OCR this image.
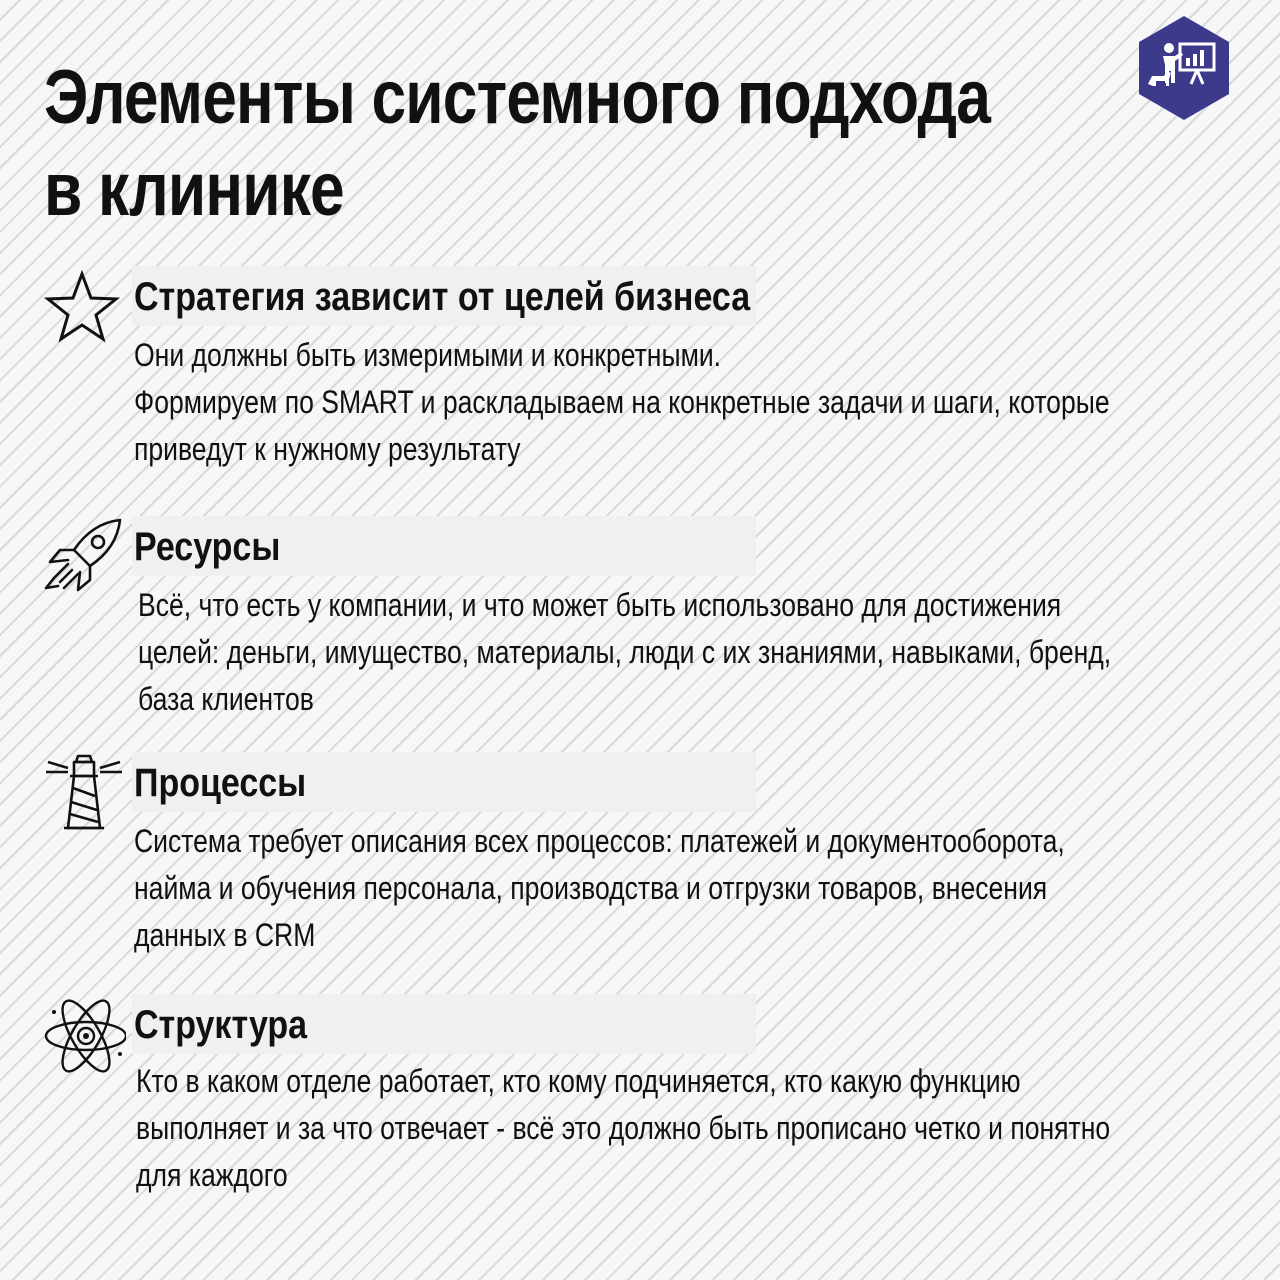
Элементы системного подхода
в клинике
Стратегия зависит от целей бизнеса

Они должны быть измеримыми и конкретными.
Формируем по SMART и раскладываем на конкретные задачи и шаги, которые
приведут к нужному результату

Ресурсы

Всё, что есть у компании, и что может быть использовано для достижения
целей: деньги, имущество, материалы, люди с их знаниями, навыками, бренд,
база клиентов

Процессы

Система требует описания всех процессов: платежей и документооборота,
найма и обучения персонала, производства и отгрузки товаров, внесения
данных в CRM

Структура

Кто в каком отделе работает, кто кому подчиняется, кто какую функцию
выполняет и за что отвечает - всё это должно быть прописано четко и понятно
для каждого
